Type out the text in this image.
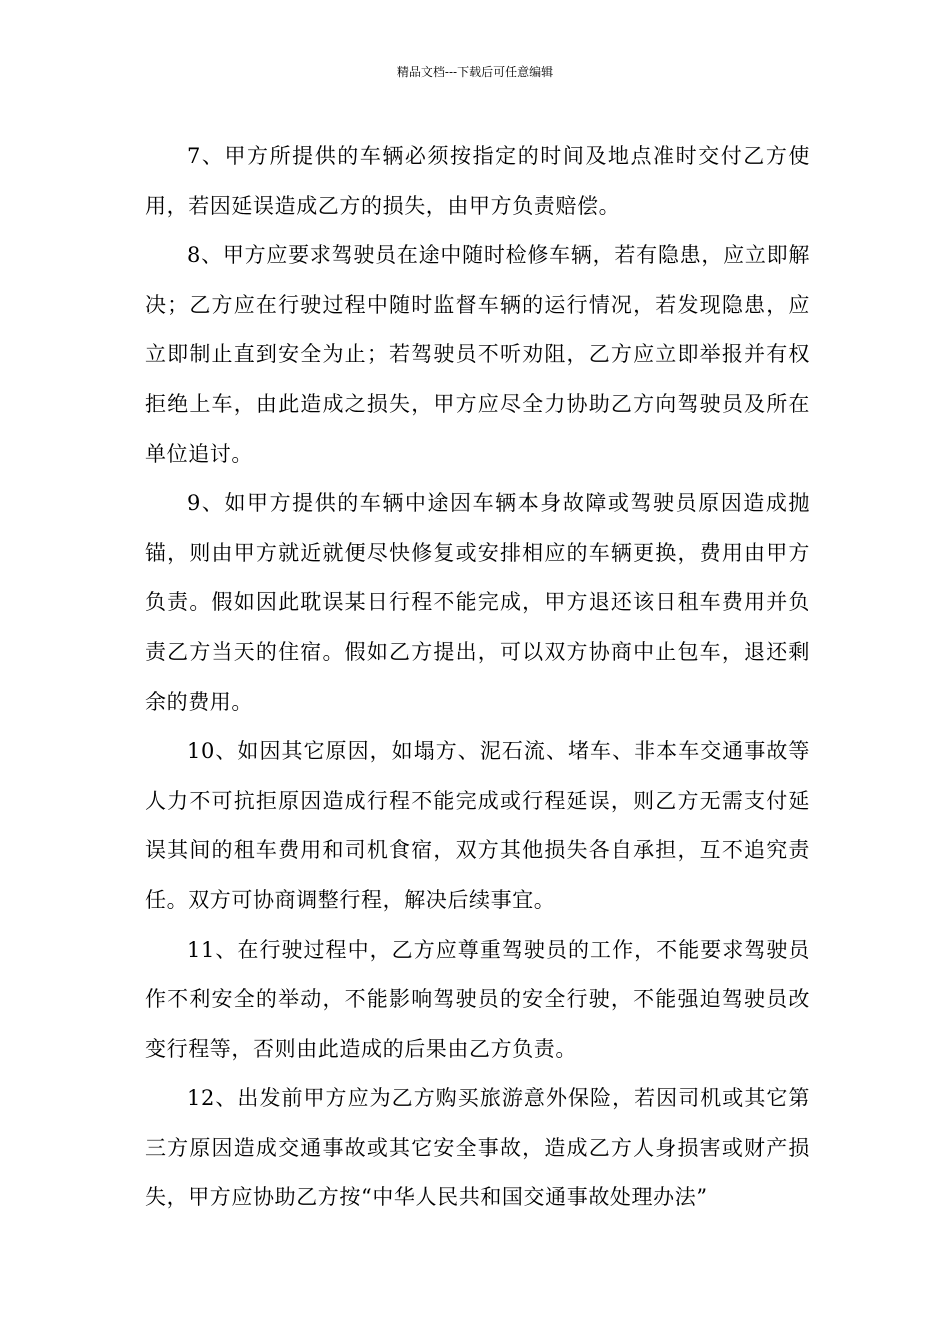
精品文档---下载后可任意编辑

7、甲方所提供的车辆必须按指定的时间及地点准时交付乙方使用，若因延误造成乙方的损失，由甲方负责赔偿。

8、甲方应要求驾驶员在途中随时检修车辆，若有隐患，应立即解决；乙方应在行驶过程中随时监督车辆的运行情况，若发现隐患，应立即制止直到安全为止；若驾驶员不听劝阻，乙方应立即举报并有权拒绝上车，由此造成之损失，甲方应尽全力协助乙方向驾驶员及所在单位追讨。

9、如甲方提供的车辆中途因车辆本身故障或驾驶员原因造成抛锚，则由甲方就近就便尽快修复或安排相应的车辆更换，费用由甲方负责。假如因此耽误某日行程不能完成，甲方退还该日租车费用并负责乙方当天的住宿。假如乙方提出，可以双方协商中止包车，退还剩余的费用。

10、如因其它原因，如塌方、泥石流、堵车、非本车交通事故等人力不可抗拒原因造成行程不能完成或行程延误，则乙方无需支付延误其间的租车费用和司机食宿，双方其他损失各自承担，互不追究责任。双方可协商调整行程，解决后续事宜。

11、在行驶过程中，乙方应尊重驾驶员的工作，不能要求驾驶员作不利安全的举动，不能影响驾驶员的安全行驶，不能强迫驾驶员改变行程等，否则由此造成的后果由乙方负责。

12、出发前甲方应为乙方购买旅游意外保险，若因司机或其它第三方原因造成交通事故或其它安全事故，造成乙方人身损害或财产损失，甲方应协助乙方按“中华人民共和国交通事故处理办法”
